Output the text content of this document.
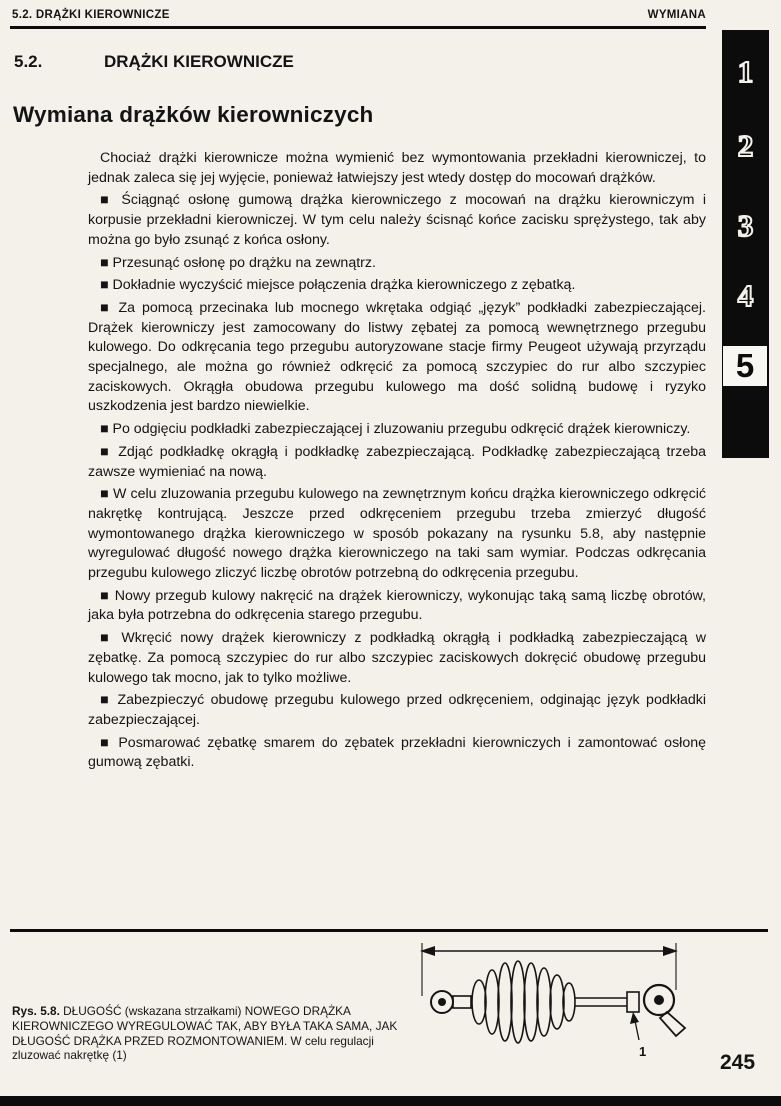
5.2. DRĄŻKI KIEROWNICZE	WYMIANA
5.2.	DRĄŻKI KIEROWNICZE
Wymiana drążków kierowniczych

Chociaż drążki kierownicze można wymienić bez wymontowania przekładni kierowniczej, to jednak zaleca się jej wyjęcie, ponieważ łatwiejszy jest wtedy dostęp do mocowań drążków.

■ Ściągnąć osłonę gumową drążka kierowniczego z mocowań na drążku kierowniczym i korpusie przekładni kierowniczej. W tym celu należy ścisnąć końce zacisku sprężystego, tak aby można go było zsunąć z końca osłony.

■ Przesunąć osłonę po drążku na zewnątrz.

■ Dokładnie wyczyścić miejsce połączenia drążka kierowniczego z zębatką.

■ Za pomocą przecinaka lub mocnego wkrętaka odgiąć „język” podkładki zabezpieczającej. Drążek kierowniczy jest zamocowany do listwy zębatej za pomocą wewnętrznego przegubu kulowego. Do odkręcania tego przegubu autoryzowane stacje firmy Peugeot używają przyrządu specjalnego, ale można go również odkręcić za pomocą szczypiec do rur albo szczypiec zaciskowych. Okrągła obudowa przegubu kulowego ma dość solidną budowę i ryzyko uszkodzenia jest bardzo niewielkie.

■ Po odgięciu podkładki zabezpieczającej i zluzowaniu przegubu odkręcić drążek kierowniczy.

■ Zdjąć podkładkę okrągłą i podkładkę zabezpieczającą. Podkładkę zabezpieczającą trzeba zawsze wymieniać na nową.

■ W celu zluzowania przegubu kulowego na zewnętrznym końcu drążka kierowniczego odkręcić nakrętkę kontrującą. Jeszcze przed odkręceniem przegubu trzeba zmierzyć długość wymontowanego drążka kierowniczego w sposób pokazany na rysunku 5.8, aby następnie wyregulować długość nowego drążka kierowniczego na taki sam wymiar. Podczas odkręcania przegubu kulowego zliczyć liczbę obrotów potrzebną do odkręcenia przegubu.

■ Nowy przegub kulowy nakręcić na drążek kierowniczy, wykonując taką samą liczbę obrotów, jaka była potrzebna do odkręcenia starego przegubu.

■ Wkręcić nowy drążek kierowniczy z podkładką okrągłą i podkładką zabezpieczającą w zębatkę. Za pomocą szczypiec do rur albo szczypiec zaciskowych dokręcić obudowę przegubu kulowego tak mocno, jak to tylko możliwe.

■ Zabezpieczyć obudowę przegubu kulowego przed odkręceniem, odginając język podkładki zabezpieczającej.

■ Posmarować zębatkę smarem do zębatek przekładni kierowniczych i zamontować osłonę gumową zębatki.

1
2
3
4
5
Rys. 5.8. DŁUGOŚĆ (wskazana strzałkami) NOWEGO DRĄŻKA KIEROWNICZEGO WYREGULOWAĆ TAK, ABY BYŁA TAKA SAMA, JAK DŁUGOŚĆ DRĄŻKA PRZED ROZMONTOWANIEM. W celu regulacji zluzować nakrętkę (1)	1	245
